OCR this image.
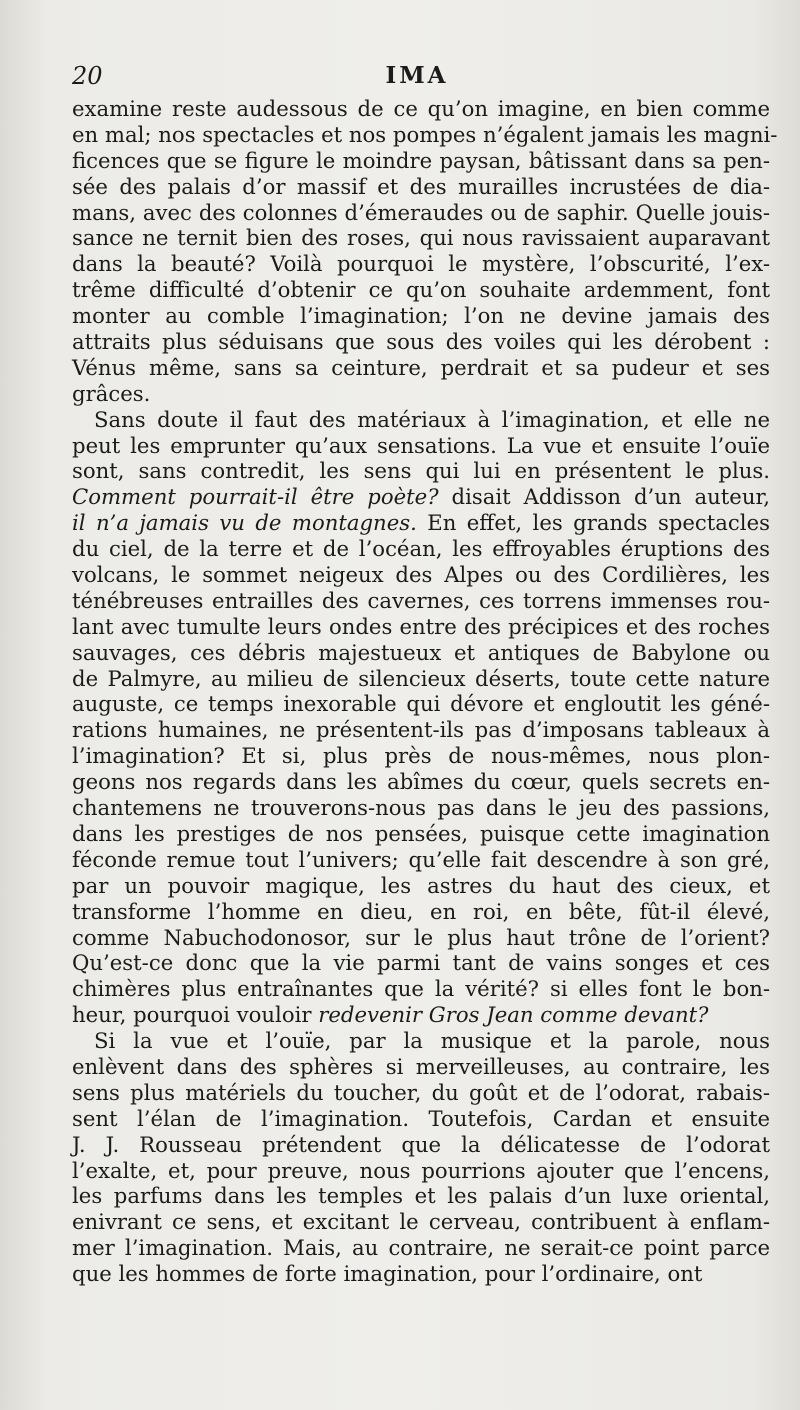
20	IMA
examine reste audessous de ce qu’on imagine, en bien comme
en mal; nos spectacles et nos pompes n’égalent jamais les magni-
ficences que se figure le moindre paysan, bâtissant dans sa pen-
sée des palais d’or massif et des murailles incrustées de dia-
mans, avec des colonnes d’émeraudes ou de saphir. Quelle jouis-
sance ne ternit bien des roses, qui nous ravissaient auparavant
dans la beauté? Voilà pourquoi le mystère, l’obscurité, l’ex-
trême difficulté d’obtenir ce qu’on souhaite ardemment, font
monter au comble l’imagination; l’on ne devine jamais des
attraits plus séduisans que sous des voiles qui les dérobent :
Vénus même, sans sa ceinture, perdrait et sa pudeur et ses
grâces.
Sans doute il faut des matériaux à l’imagination, et elle ne
peut les emprunter qu’aux sensations. La vue et ensuite l’ouïe
sont, sans contredit, les sens qui lui en présentent le plus.
Comment pourrait-il être poète? disait Addisson d’un auteur,
il n’a jamais vu de montagnes. En effet, les grands spectacles
du ciel, de la terre et de l’océan, les effroyables éruptions des
volcans, le sommet neigeux des Alpes ou des Cordilières, les
ténébreuses entrailles des cavernes, ces torrens immenses rou-
lant avec tumulte leurs ondes entre des précipices et des roches
sauvages, ces débris majestueux et antiques de Babylone ou
de Palmyre, au milieu de silencieux déserts, toute cette nature
auguste, ce temps inexorable qui dévore et engloutit les géné-
rations humaines, ne présentent-ils pas d’imposans tableaux à
l’imagination? Et si, plus près de nous-mêmes, nous plon-
geons nos regards dans les abîmes du cœur, quels secrets en-
chantemens ne trouverons-nous pas dans le jeu des passions,
dans les prestiges de nos pensées, puisque cette imagination
féconde remue tout l’univers; qu’elle fait descendre à son gré,
par un pouvoir magique, les astres du haut des cieux, et
transforme l’homme en dieu, en roi, en bête, fût-il élevé,
comme Nabuchodonosor, sur le plus haut trône de l’orient?
Qu’est-ce donc que la vie parmi tant de vains songes et ces
chimères plus entraînantes que la vérité? si elles font le bon-
heur, pourquoi vouloir redevenir Gros Jean comme devant?
Si la vue et l’ouïe, par la musique et la parole, nous
enlèvent dans des sphères si merveilleuses, au contraire, les
sens plus matériels du toucher, du goût et de l’odorat, rabais-
sent l’élan de l’imagination. Toutefois, Cardan et ensuite
J. J. Rousseau prétendent que la délicatesse de l’odorat
l’exalte, et, pour preuve, nous pourrions ajouter que l’encens,
les parfums dans les temples et les palais d’un luxe oriental,
enivrant ce sens, et excitant le cerveau, contribuent à enflam-
mer l’imagination. Mais, au contraire, ne serait-ce point parce
que les hommes de forte imagination, pour l’ordinaire, ont
